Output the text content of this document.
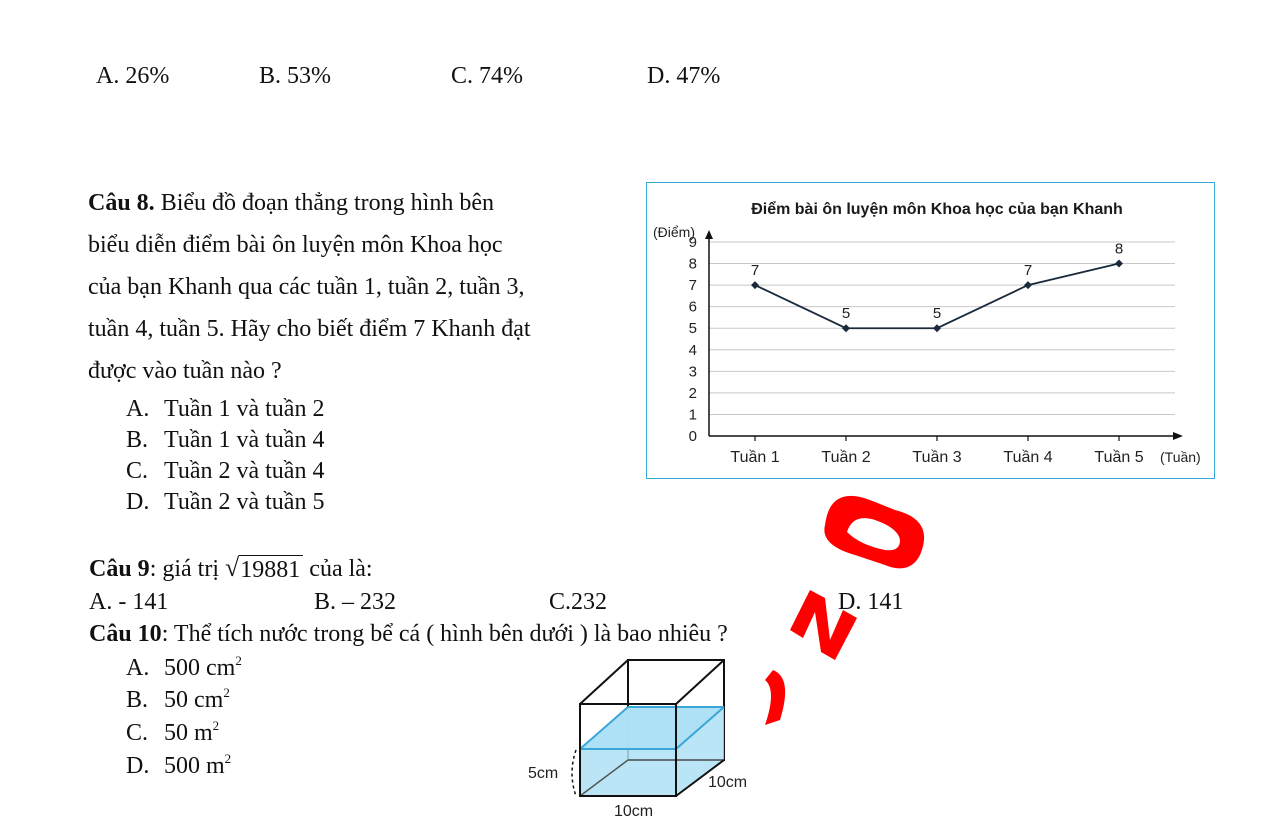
A. 26%	B. 53%	C. 74%	D. 47%
Câu 8. Biểu đồ đoạn thẳng trong hình bên
biểu diễn điểm bài ôn luyện môn Khoa học
của bạn Khanh qua các tuần 1, tuần 2, tuần 3,
tuần 4, tuần 5. Hãy cho biết điểm 7 Khanh đạt
được vào tuần nào ?
A. Tuần 1 và tuần 2
B. Tuần 1 và tuần 4
C. Tuần 2 và tuần 4
D. Tuần 2 và tuần 5
Điểm bài ôn luyện môn Khoa học của bạn Khanh
(Điểm)
(Tuần)
0
1
2
3
4
5
6
7
8
9
Tuần 1	Tuần 2	Tuần 3	Tuần 4	Tuần 5
7
5	5
7
8
Câu 9: giá trị √ 19881 của là:
A. - 141	B. – 232	C.232	D. 141
Câu 10: Thể tích nước trong bể cá ( hình bên dưới ) là bao nhiêu ?
A. 500 $cm^2$
B. 50 $cm^2$
C. 50 $m^2$
D. 500 $m^2$
5cm
10cm
10cm
